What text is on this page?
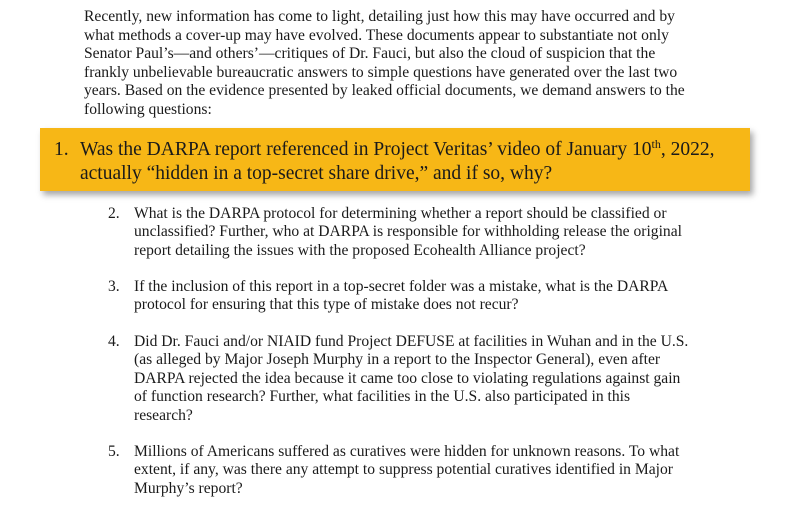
Recently, new information has come to light, detailing just how this may have occurred and by
what methods a cover-up may have evolved. These documents appear to substantiate not only
Senator Paul’s—and others’—critiques of Dr. Fauci, but also the cloud of suspicion that the
frankly unbelievable bureaucratic answers to simple questions have generated over the last two
years. Based on the evidence presented by leaked official documents, we demand answers to the
following questions:
1. Was the DARPA report referenced in Project Veritas’ video of January 10th, 2022,
actually “hidden in a top-secret share drive,” and if so, why?
2. What is the DARPA protocol for determining whether a report should be classified or
unclassified? Further, who at DARPA is responsible for withholding release the original
report detailing the issues with the proposed Ecohealth Alliance project?
3. If the inclusion of this report in a top-secret folder was a mistake, what is the DARPA
protocol for ensuring that this type of mistake does not recur?
4. Did Dr. Fauci and/or NIAID fund Project DEFUSE at facilities in Wuhan and in the U.S.
(as alleged by Major Joseph Murphy in a report to the Inspector General), even after
DARPA rejected the idea because it came too close to violating regulations against gain
of function research? Further, what facilities in the U.S. also participated in this
research?
5. Millions of Americans suffered as curatives were hidden for unknown reasons. To what
extent, if any, was there any attempt to suppress potential curatives identified in Major
Murphy’s report?
